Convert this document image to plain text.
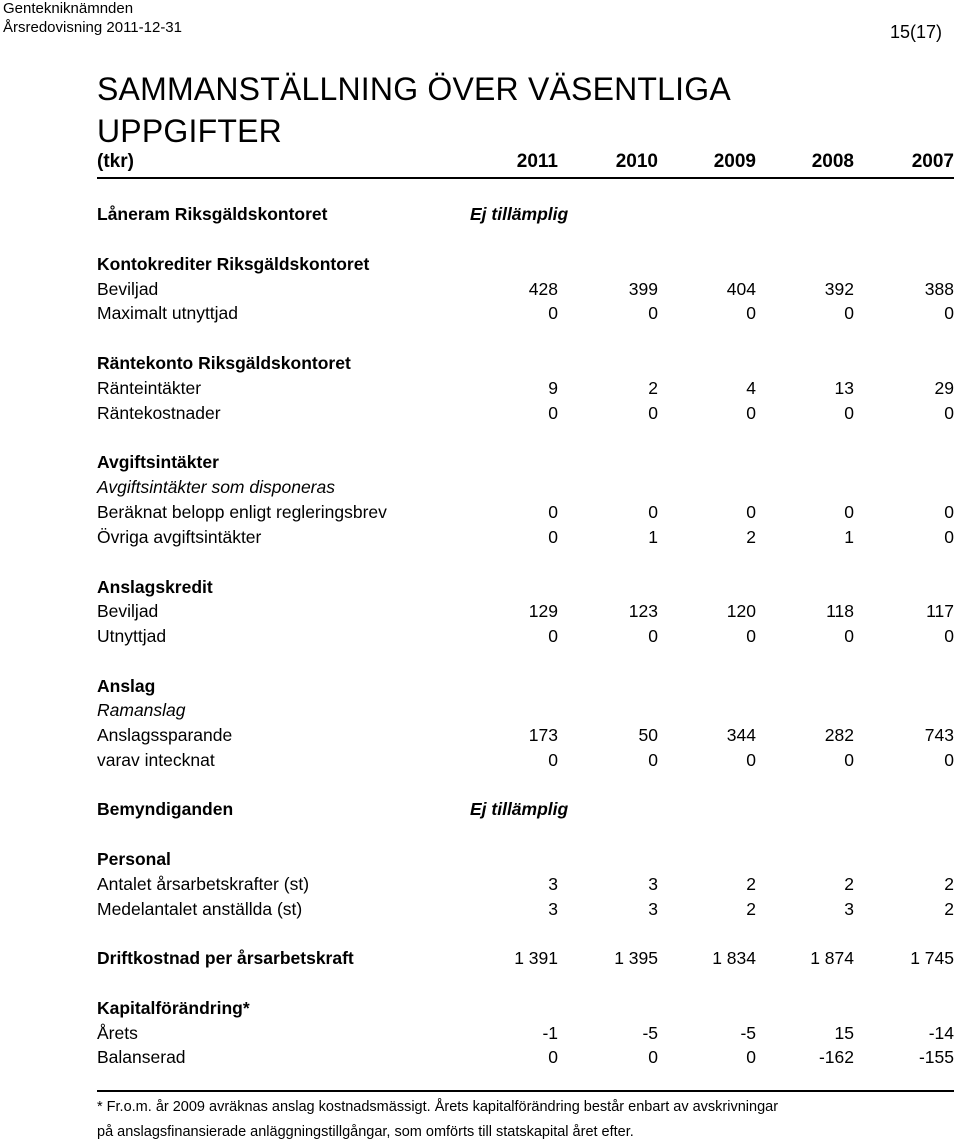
Gentekniknämnden
Årsredovisning 2011-12-31	15(17)
SAMMANSTÄLLNING ÖVER VÄSENTLIGA UPPGIFTER
(tkr)	2011	2010	2009	2008	2007
Låneram Riksgäldskontoret	Ej tillämplig
Kontokrediter Riksgäldskontoret
Beviljad	428	399	404	392	388
Maximalt utnyttjad	0	0	0	0	0
Räntekonto Riksgäldskontoret
Ränteintäkter	9	2	4	13	29
Räntekostnader	0	0	0	0	0
Avgiftsintäkter
Avgiftsintäkter som disponeras
Beräknat belopp enligt regleringsbrev	0	0	0	0	0
Övriga avgiftsintäkter	0	1	2	1	0
Anslagskredit
Beviljad	129	123	120	118	117
Utnyttjad	0	0	0	0	0
Anslag
Ramanslag
Anslagssparande	173	50	344	282	743
varav intecknat	0	0	0	0	0
Bemyndiganden	Ej tillämplig
Personal
Antalet årsarbetskrafter (st)	3	3	2	2	2
Medelantalet anställda (st)	3	3	2	3	2
Driftkostnad per årsarbetskraft	1 391	1 395	1 834	1 874	1 745
Kapitalförändring*
Årets	-1	-5	-5	15	-14
Balanserad	0	0	0	-162	-155
* Fr.o.m. år 2009 avräknas anslag kostnadsmässigt. Årets kapitalförändring består enbart av avskrivningar
på anslagsfinansierade anläggningstillgångar, som omförts till statskapital året efter.
